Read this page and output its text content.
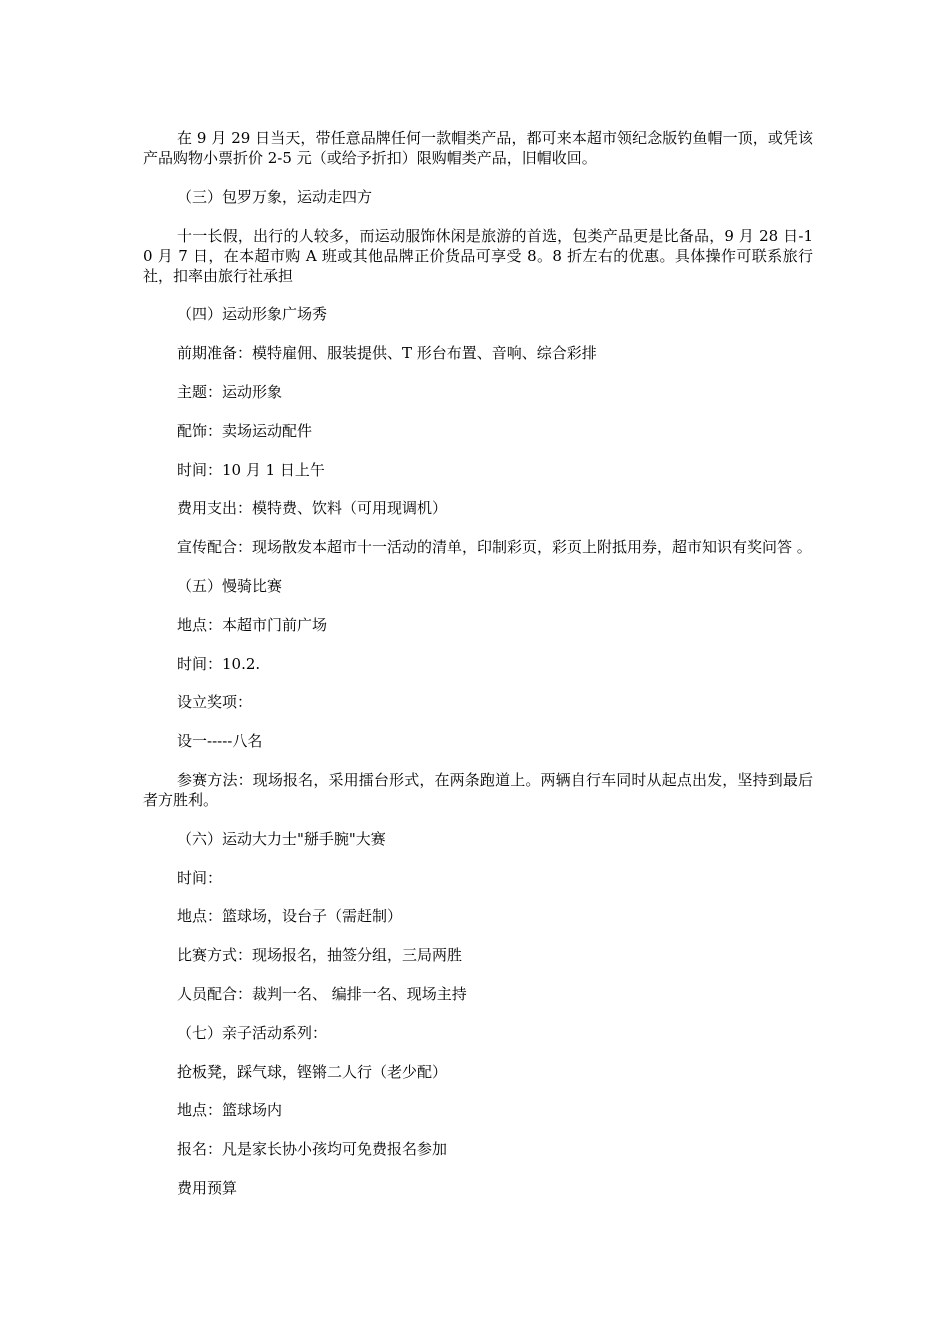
在 9 月 29 日当天，带任意品牌任何一款帽类产品，都可来本超市领纪念版钓鱼帽一顶，或凭该产品购物小票折价 2-5 元（或给予折扣）限购帽类产品，旧帽收回。

（三）包罗万象，运动走四方

十一长假，出行的人较多，而运动服饰休闲是旅游的首选，包类产品更是比备品，9 月 28 日-10 月 7 日，在本超市购 A 班或其他品牌正价货品可享受 8。8 折左右的优惠。具体操作可联系旅行社，扣率由旅行社承担

（四）运动形象广场秀

前期准备：模特雇佣、服装提供、T 形台布置、音响、综合彩排

主题：运动形象

配饰：卖场运动配件

时间：10 月 1 日上午

费用支出：模特费、饮料（可用现调机）

宣传配合：现场散发本超市十一活动的清单，印制彩页，彩页上附抵用券，超市知识有奖问答 。

（五）慢骑比赛

地点：本超市门前广场

时间：10.2.

设立奖项：

设一-----八名

参赛方法：现场报名，采用擂台形式，在两条跑道上。两辆自行车同时从起点出发，坚持到最后者方胜利。

（六）运动大力士"掰手腕"大赛

时间：

地点：篮球场，设台子（需赶制）

比赛方式：现场报名，抽签分组，三局两胜

人员配合：裁判一名、 编排一名、现场主持

（七）亲子活动系列：

抢板凳，踩气球，铿锵二人行（老少配）

地点：篮球场内

报名：凡是家长协小孩均可免费报名参加

费用预算
